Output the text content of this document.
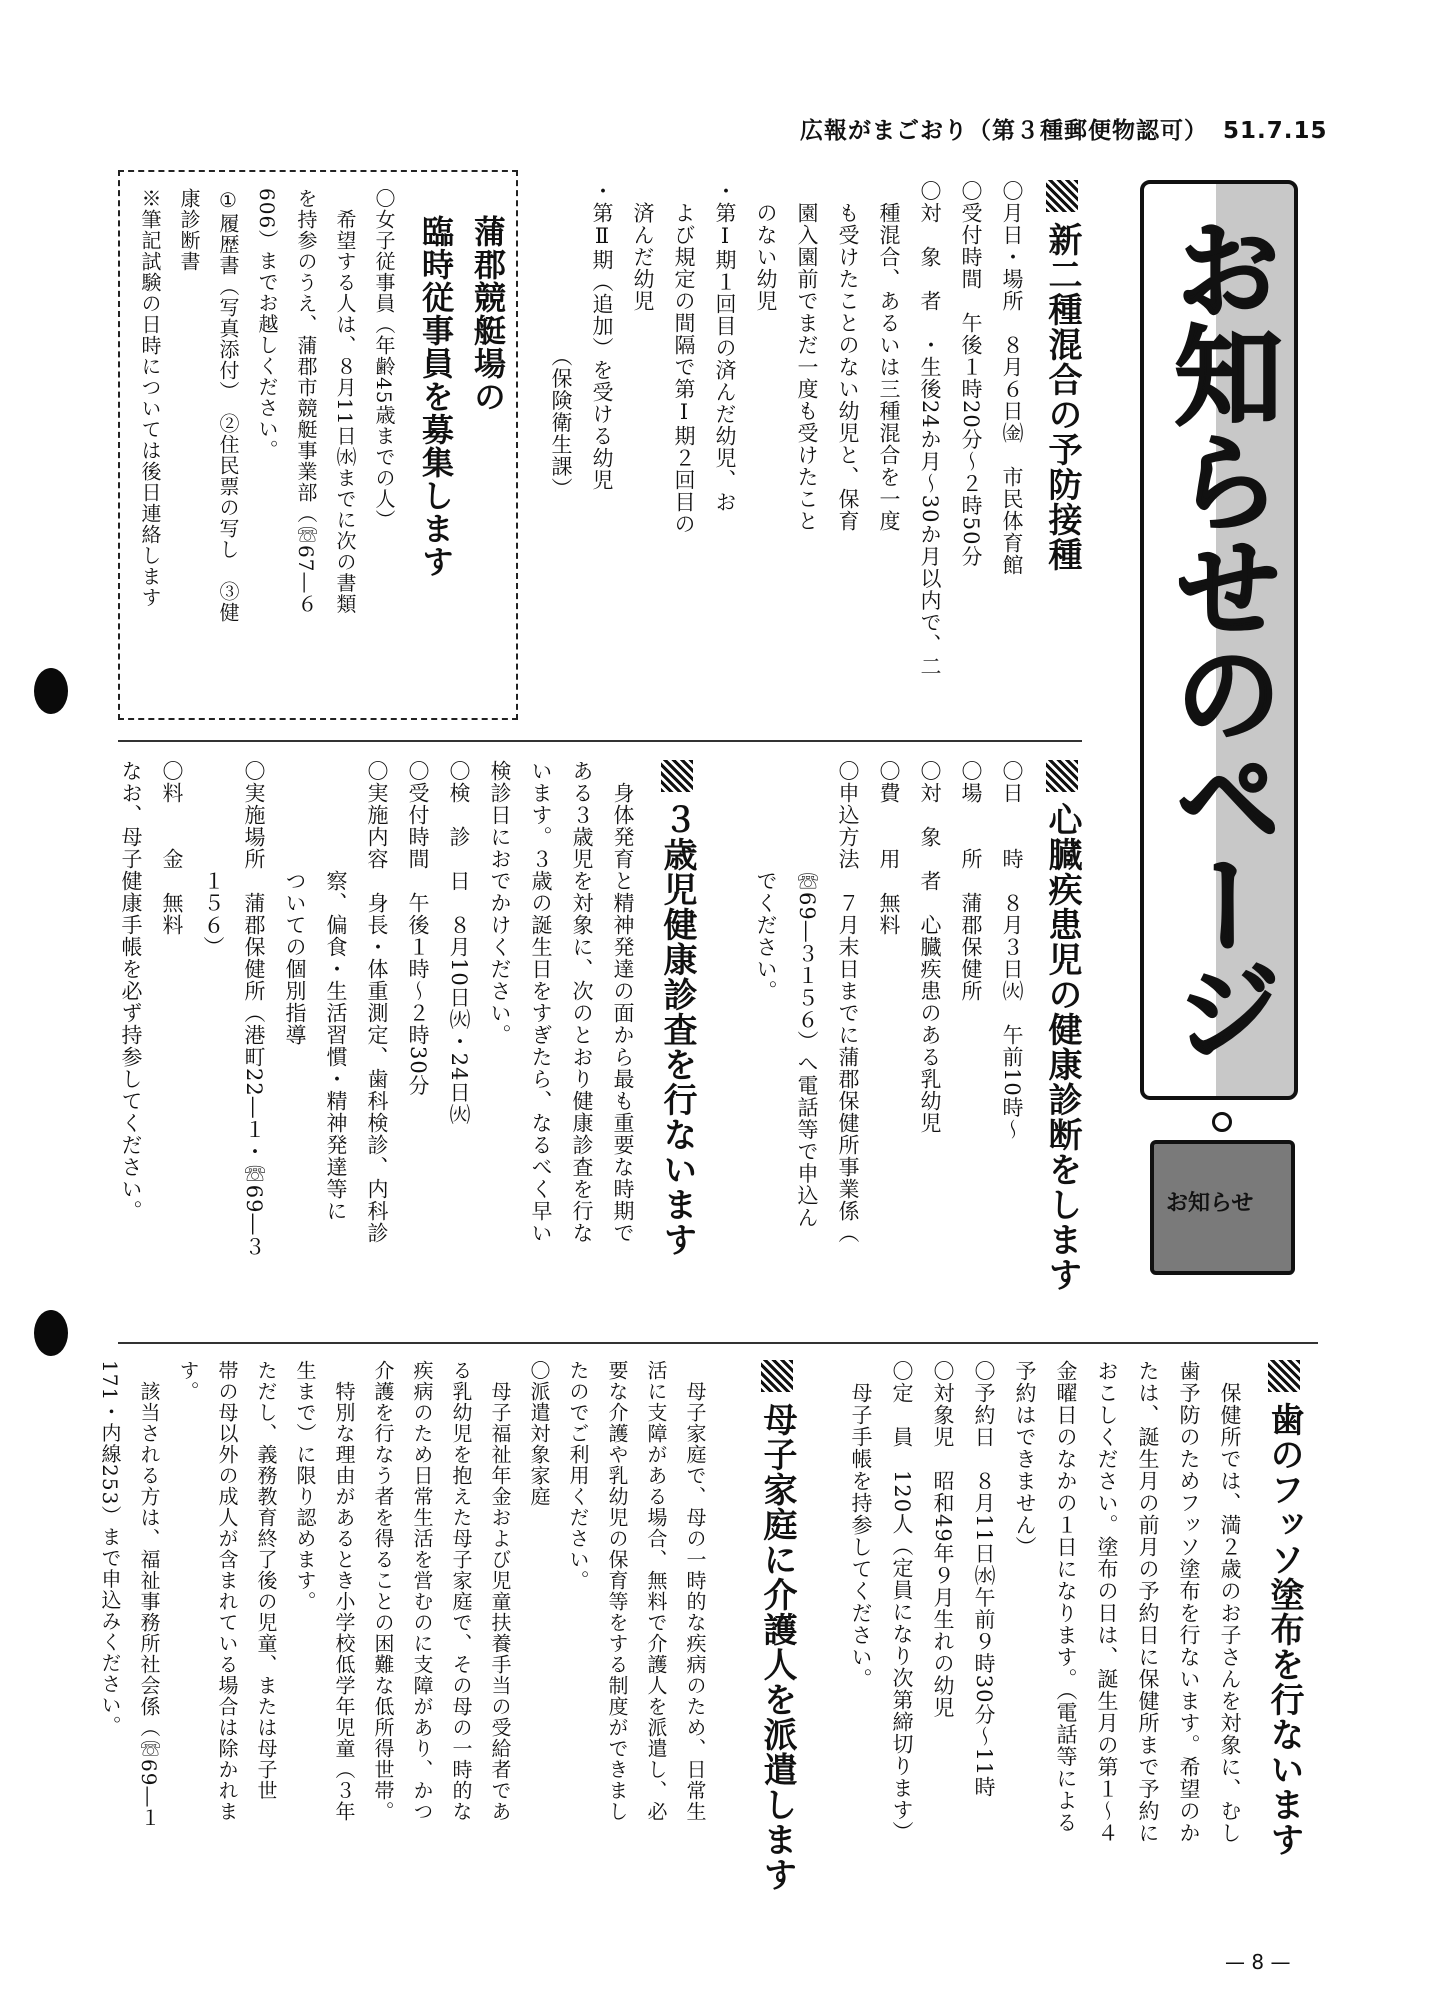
広報がまごおり（第３種郵便物認可） 51.7.15
お知らせのページ
お知らせ
新二種混合の予防接種
〇月日・場所　８月６日㈮　市民体育館
〇受付時間　午後１時20分～２時50分
〇対　象　者　・生後24か月～30か月以内で、二
　種混合、あるいは三種混合を一度
　も受けたことのない幼児と、保育
　園入園前でまだ一度も受けたこと
　のない幼児
・第Ⅰ期１回目の済んだ幼児、お
　よび規定の間隔で第Ⅰ期２回目の
　済んだ幼児
・第Ⅱ期（追加）を受ける幼児
　　　　　　　　（保険衛生課）
蒲郡競艇場の
臨時従事員を募集します
〇女子従事員（年齢45歳までの人）
　希望する人は、８月11日㈬までに次の書類
を持参のうえ、蒲郡市競艇事業部（☏67―６
606）までお越しください。
①履歴書（写真添付）　②住民票の写し　③健
康診断書
※筆記試験の日時については後日連絡します
心臓疾患児の健康診断をします
〇日　　時　８月３日㈫　午前10時～
〇場　　所　蒲郡保健所
〇対　象　者　心臓疾患のある乳幼児
〇費　　用　無料
〇申込方法　７月末日までに蒲郡保健所事業係（
　　　　　☏69―３１５６）へ電話等で申込ん
　　　　　でください。
３歳児健康診査を行ないます
　身体発育と精神発達の面から最も重要な時期で
ある３歳児を対象に、次のとおり健康診査を行な
います。３歳の誕生日をすぎたら、なるべく早い
検診日におでかけください。
〇検　診　日　８月10日㈫・24日㈫
〇受付時間　午後１時～２時30分
〇実施内容　身長・体重測定、歯科検診、内科診
　　　　　察、偏食・生活習慣・精神発達等に
　　　　　ついての個別指導
〇実施場所　蒲郡保健所（港町22―１・☏69―３
　　　　　１５６）
〇料　　金　無料
なお、母子健康手帳を必ず持参してください。
歯のフッソ塗布を行ないます
　保健所では、満２歳のお子さんを対象に、むし
歯予防のためフッソ塗布を行ないます。希望のか
たは、誕生月の前月の予約日に保健所まで予約に
おこしください。塗布の日は、誕生月の第１～４
金曜日のなかの１日になります。（電話等による
予約はできません）
〇予約日　８月11日㈬午前９時30分～11時
〇対象児　昭和49年９月生れの幼児
〇定　員　120人（定員になり次第締切ります）
　母子手帳を持参してください。
母子家庭に介護人を派遣します
　母子家庭で、母の一時的な疾病のため、日常生
活に支障がある場合、無料で介護人を派遣し、必
要な介護や乳幼児の保育等をする制度ができまし
たのでご利用ください。
〇派遣対象家庭
　母子福祉年金および児童扶養手当の受給者であ
る乳幼児を抱えた母子家庭で、その母の一時的な
疾病のため日常生活を営むのに支障があり、かつ
介護を行なう者を得ることの困難な低所得世帯。
　特別な理由があるとき小学校低学年児童（３年
生まで）に限り認めます。
ただし、義務教育終了後の児童、または母子世
帯の母以外の成人が含まれている場合は除かれま
す。
　該当される方は、福祉事務所社会係（☏69―１
171・内線253）まで申込みください。
— 8 —
